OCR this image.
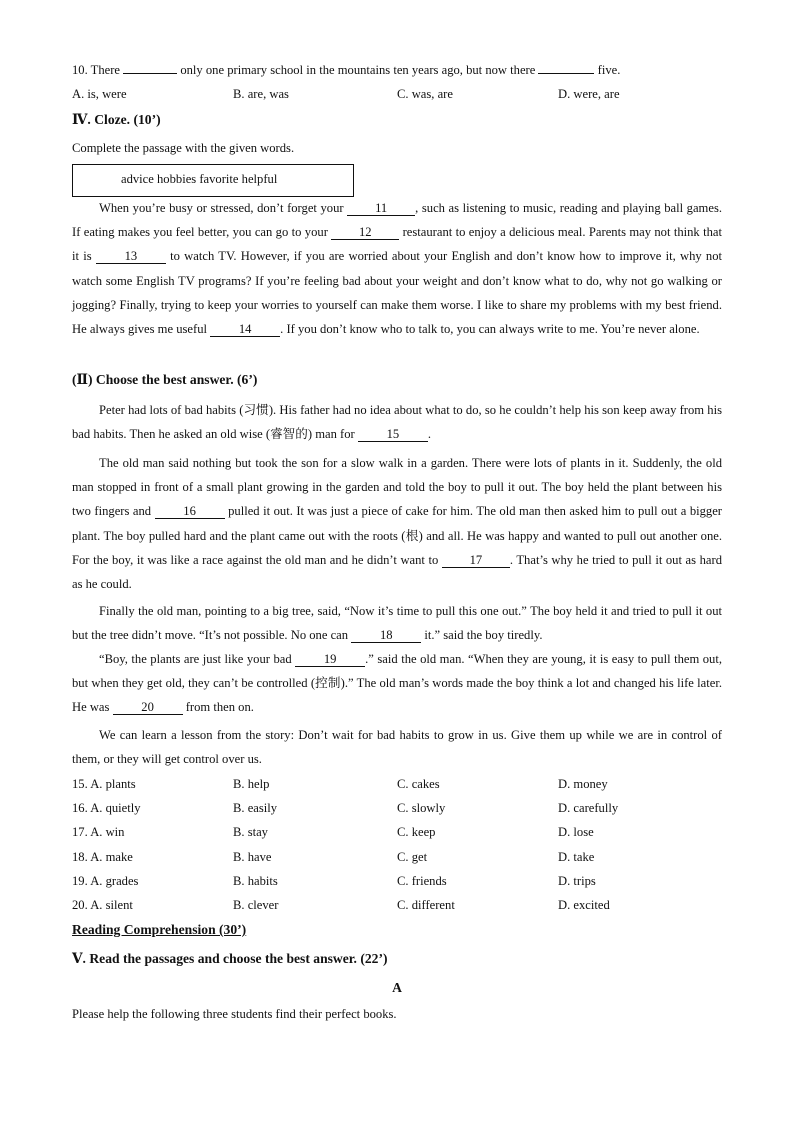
10. There	only one primary school in the mountains ten years ago, but now there	five.
A. is, were	B. are, was	C. was, are	D. were, are
Ⅳ. Cloze. (10’)
Complete the passage with the given words.
advice hobbies favorite helpful
When you’re busy or stressed, don’t forget your 11 , such as listening to music, reading and playing ball games. If eating makes you feel better, you can go to your 12 restaurant to enjoy a delicious meal. Parents may not think that it is 13 to watch TV. However, if you are worried about your English and don’t know how to improve it, why not watch some English TV programs? If you’re feeling bad about your weight and don’t know what to do, why not go walking or jogging? Finally, trying to keep your worries to yourself can make them worse. I like to share my problems with my best friend. He always gives me useful 14 . If you don’t know who to talk to, you can always write to me. You’re never alone.
(Ⅱ) Choose the best answer. (6’)
Peter had lots of bad habits (习惯). His father had no idea about what to do, so he couldn’t help his son keep away from his bad habits. Then he asked an old wise (睿智的) man for 15 .
The old man said nothing but took the son for a slow walk in a garden. There were lots of plants in it. Suddenly, the old man stopped in front of a small plant growing in the garden and told the boy to pull it out. The boy held the plant between his two fingers and 16 pulled it out. It was just a piece of cake for him. The old man then asked him to pull out a bigger plant. The boy pulled hard and the plant came out with the roots (根) and all. He was happy and wanted to pull out another one. For the boy, it was like a race against the old man and he didn’t want to 17 . That’s why he tried to pull it out as hard as he could.
Finally the old man, pointing to a big tree, said, “Now it’s time to pull this one out.” The boy held it and tried to pull it out but the tree didn’t move. “It’s not possible. No one can 18 it.” said the boy tiredly.
“Boy, the plants are just like your bad 19 .” said the old man. “When they are young, it is easy to pull them out, but when they get old, they can’t be controlled (控制).” The old man’s words made the boy think a lot and changed his life later. He was 20 from then on.
We can learn a lesson from the story: Don’t wait for bad habits to grow in us. Give them up while we are in control of them, or they will get control over us.
15. A. plants	B. help	C. cakes	D. money
16. A. quietly	B. easily	C. slowly	D. carefully
17. A. win	B. stay	C. keep	D. lose
18. A. make	B. have	C. get	D. take
19. A. grades	B. habits	C. friends	D. trips
20. A. silent	B. clever	C. different	D. excited
Reading Comprehension (30’)
Ⅴ. Read the passages and choose the best answer. (22’)
A
Please help the following three students find their perfect books.
